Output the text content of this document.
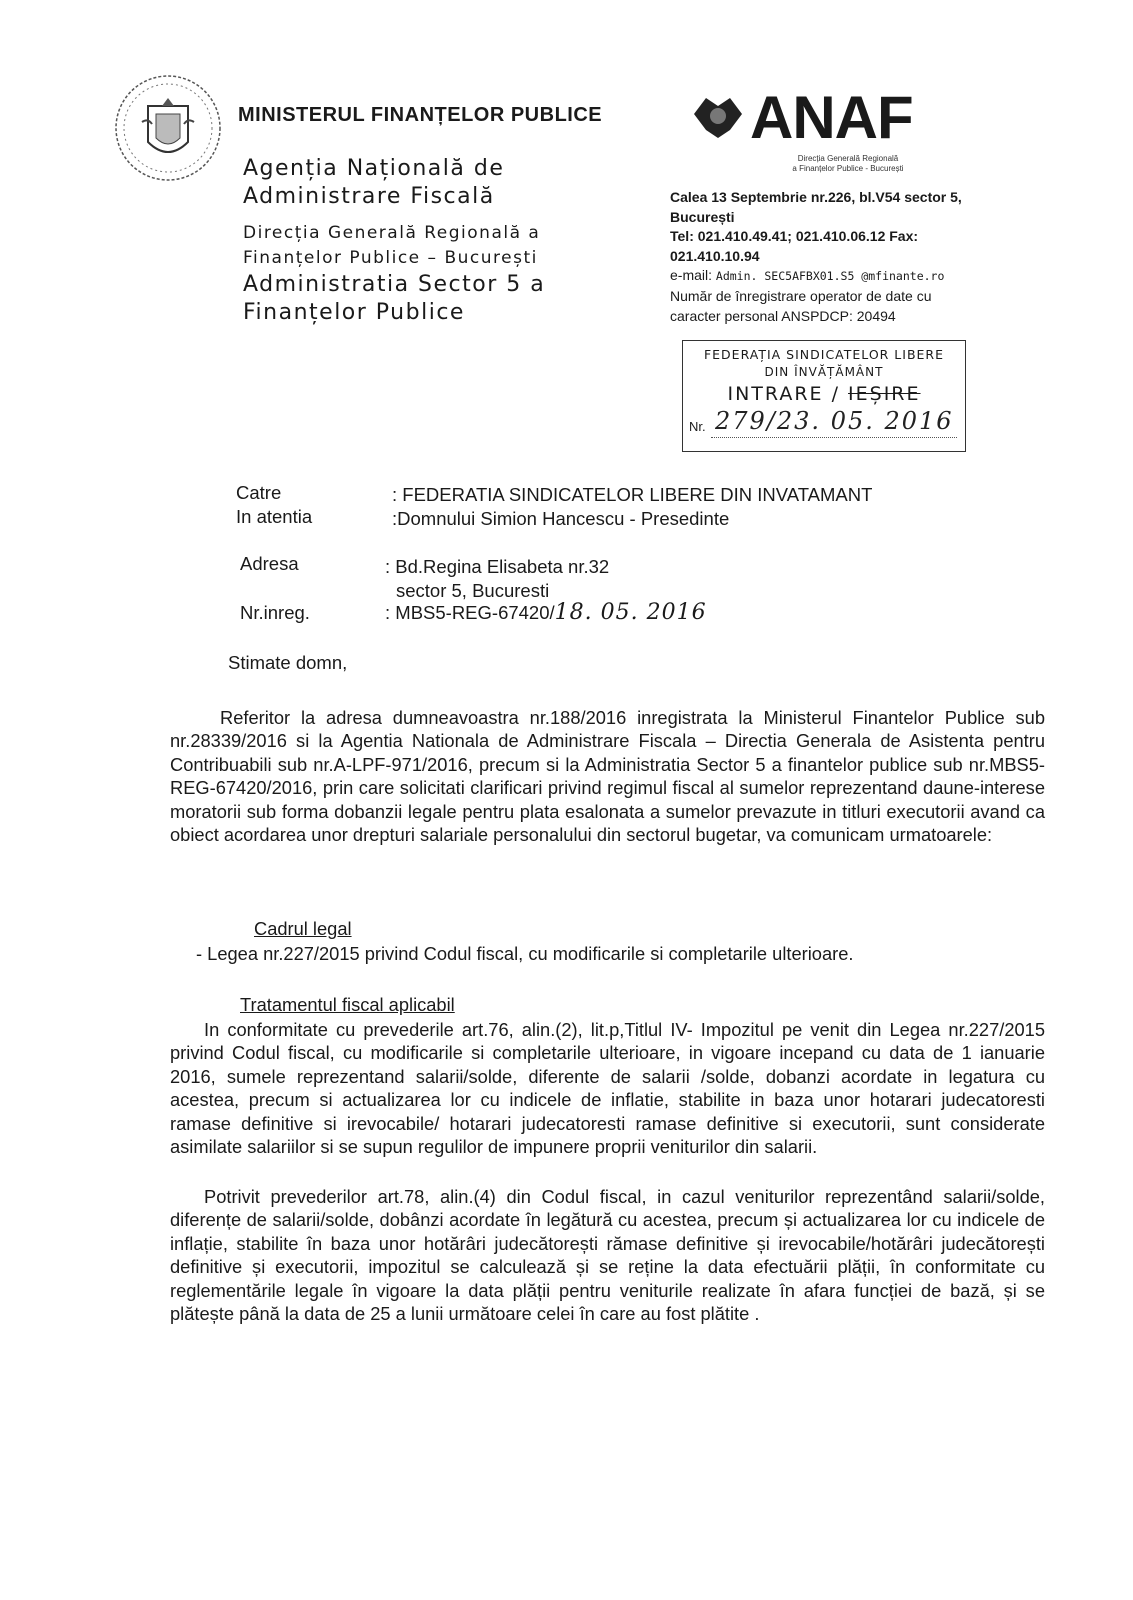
MINISTERUL FINANȚELOR PUBLICE
Agenția Națională de
Administrare Fiscală
Direcția Generală Regională a
Finanțelor Publice – București
Administratia Sector 5 a
Finanțelor Publice
ANAF
Direcția Generală Regională
a Finanțelor Publice - București
Calea 13 Septembrie nr.226, bl.V54 sector 5,
București
Tel: 021.410.49.41; 021.410.06.12 Fax:
021.410.10.94
e-mail: Admin. SEC5AFBX01.S5 @mfinante.ro
Număr de înregistrare operator de date cu
caracter personal ANSPDCP: 20494
FEDERAȚIA SINDICATELOR LIBERE
DIN ÎNVĂȚĂMÂNT
INTRARE / IEȘIRE
Nr. 279/23. 05. 2016
Catre	: FEDERATIA SINDICATELOR LIBERE DIN INVATAMANT
In atentia	:Domnului Simion Hancescu - Presedinte
Adresa	: Bd.Regina Elisabeta nr.32
sector 5, Bucuresti
Nr.inreg.	: MBS5-REG-67420/18. 05. 2016
Stimate domn,
Referitor la adresa dumneavoastra nr.188/2016 inregistrata la Ministerul Finantelor Publice sub nr.28339/2016 si la Agentia Nationala de Administrare Fiscala – Directia Generala de Asistenta pentru Contribuabili sub nr.A-LPF-971/2016, precum si la Administratia Sector 5 a finantelor publice sub nr.MBS5-REG-67420/2016, prin care solicitati clarificari privind regimul fiscal al sumelor reprezentand daune-interese moratorii sub forma dobanzii legale pentru plata esalonata a sumelor prevazute in titluri executorii avand ca obiect acordarea unor drepturi salariale personalului din sectorul bugetar, va comunicam urmatoarele:
Cadrul legal
- Legea nr.227/2015 privind Codul fiscal, cu modificarile si completarile ulterioare.
Tratamentul fiscal aplicabil
In conformitate cu prevederile art.76, alin.(2), lit.p,Titlul IV- Impozitul pe venit din Legea nr.227/2015 privind Codul fiscal, cu modificarile si completarile ulterioare, in vigoare incepand cu data de 1 ianuarie 2016, sumele reprezentand salarii/solde, diferente de salarii /solde, dobanzi acordate in legatura cu acestea, precum si actualizarea lor cu indicele de inflatie, stabilite in baza unor hotarari judecatoresti ramase definitive si irevocabile/ hotarari judecatoresti ramase definitive si executorii, sunt considerate asimilate salariilor si se supun regulilor de impunere proprii veniturilor din salarii.
Potrivit prevederilor art.78, alin.(4) din Codul fiscal, in cazul veniturilor reprezentând salarii/solde, diferențe de salarii/solde, dobânzi acordate în legătură cu acestea, precum și actualizarea lor cu indicele de inflație, stabilite în baza unor hotărâri judecătorești rămase definitive și irevocabile/hotărâri judecătorești definitive și executorii, impozitul se calculează și se reține la data efectuării plății, în conformitate cu reglementările legale în vigoare la data plății pentru veniturile realizate în afara funcției de bază, și se plătește până la data de 25 a lunii următoare celei în care au fost plătite .
